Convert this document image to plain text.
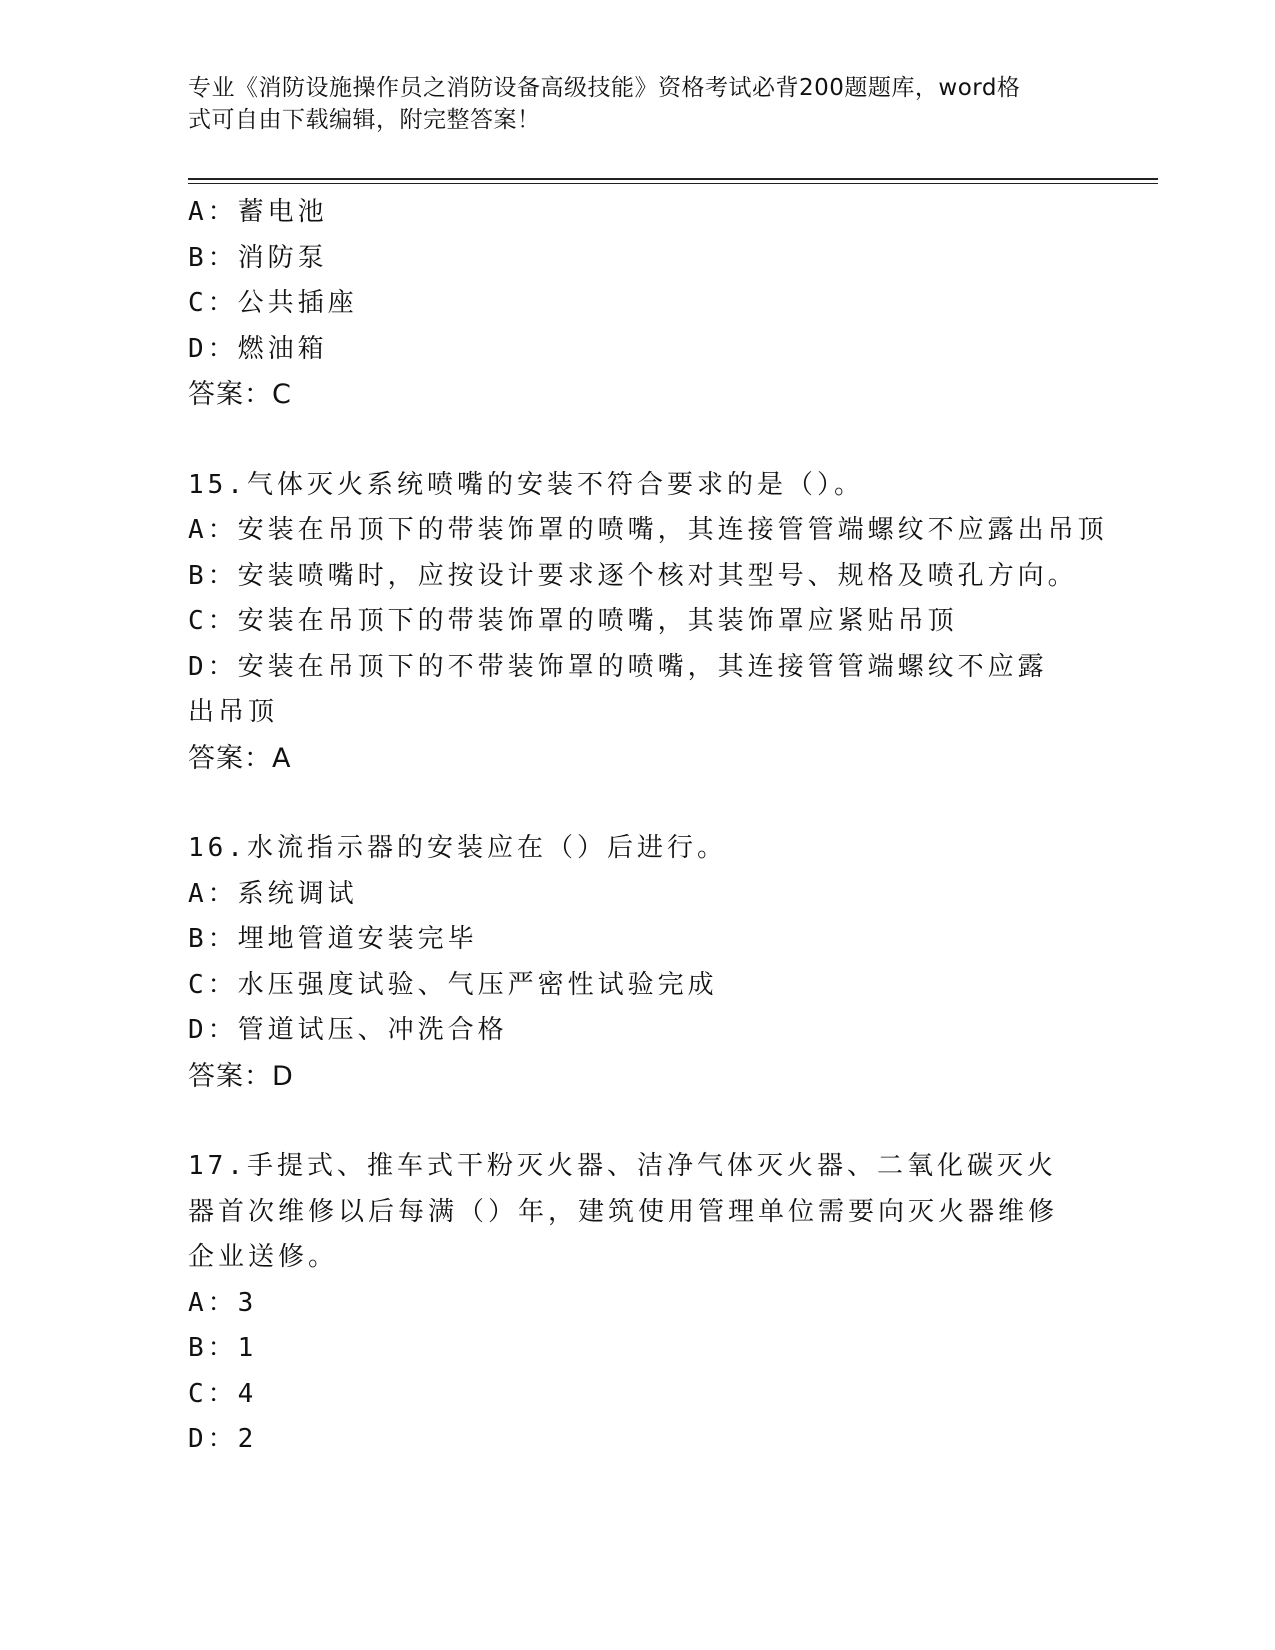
专业《消防设施操作员之消防设备高级技能》资格考试必背200题题库，word格
式可自由下载编辑，附完整答案！
A：蓄电池
B：消防泵
C：公共插座
D：燃油箱
答案：C
15.气体灭火系统喷嘴的安装不符合要求的是（）。
A：安装在吊顶下的带装饰罩的喷嘴，其连接管管端螺纹不应露出吊顶
B：安装喷嘴时，应按设计要求逐个核对其型号、规格及喷孔方向。
C：安装在吊顶下的带装饰罩的喷嘴，其装饰罩应紧贴吊顶
D：安装在吊顶下的不带装饰罩的喷嘴，其连接管管端螺纹不应露出吊顶
答案：A
16.水流指示器的安装应在（）后进行。
A：系统调试
B：埋地管道安装完毕
C：水压强度试验、气压严密性试验完成
D：管道试压、冲洗合格
答案：D
17.手提式、推车式干粉灭火器、洁净气体灭火器、二氧化碳灭火器首次维修以后每满（）年，建筑使用管理单位需要向灭火器维修企业送修。
A：3
B：1
C：4
D：2
